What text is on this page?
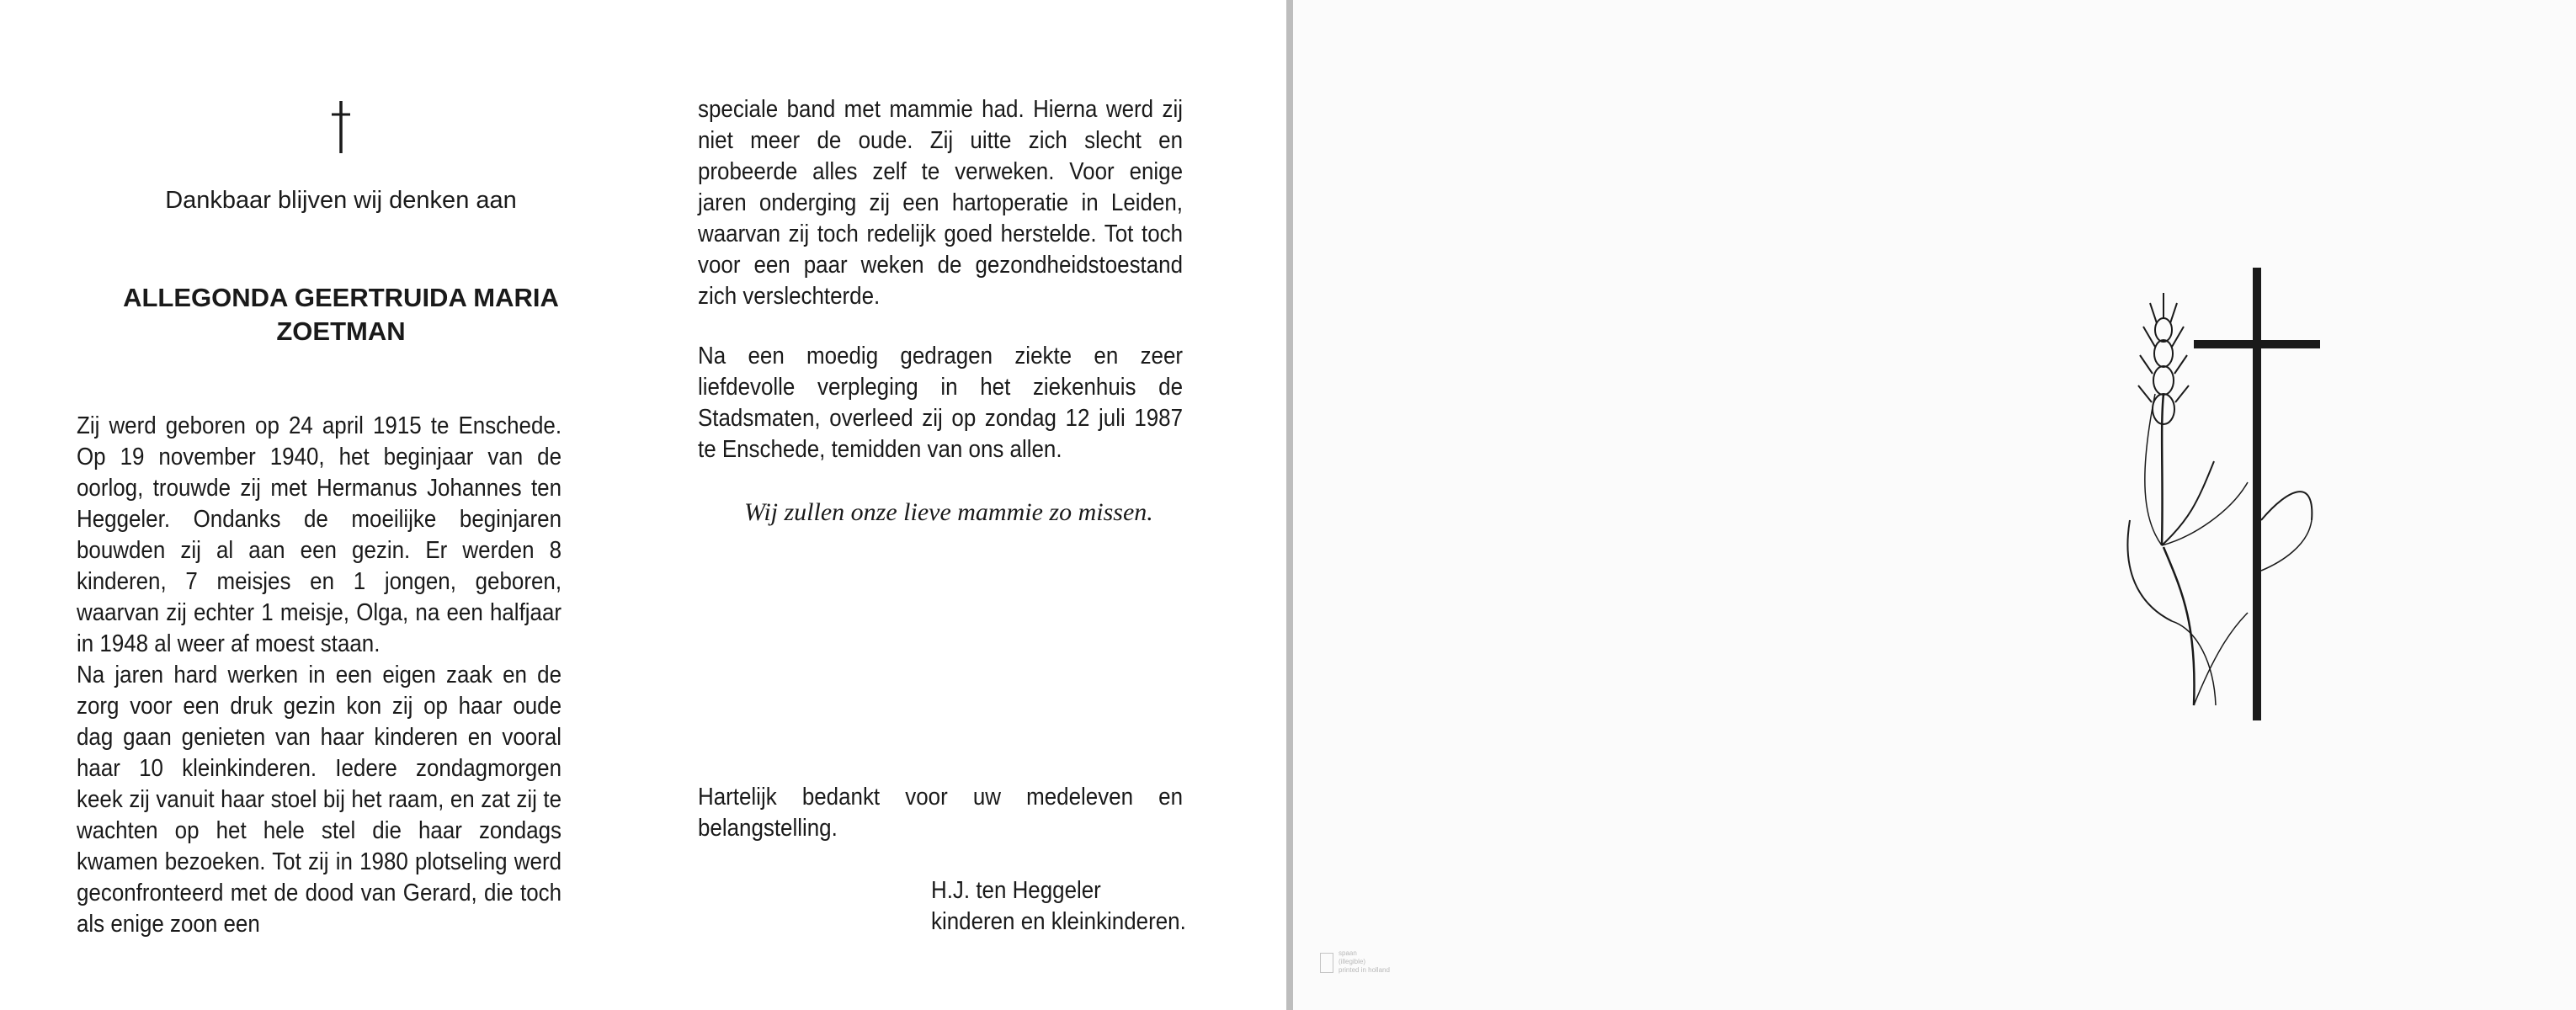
Dankbaar blijven wij denken aan
ALLEGONDA GEERTRUIDA MARIA
ZOETMAN
Zij werd geboren op 24 april 1915 te Enschede. Op 19 november 1940, het beginjaar van de oorlog, trouwde zij met Hermanus Johannes ten Heggeler. Ondanks de moeilijke beginjaren bouwden zij al aan een gezin. Er werden 8 kinderen, 7 meisjes en 1 jongen, geboren, waarvan zij echter 1 meisje, Olga, na een halfjaar in 1948 al weer af moest staan.
Na jaren hard werken in een eigen zaak en de zorg voor een druk gezin kon zij op haar oude dag gaan genieten van haar kinderen en vooral haar 10 kleinkinderen. Iedere zondagmorgen keek zij vanuit haar stoel bij het raam, en zat zij te wachten op het hele stel die haar zondags kwamen bezoeken. Tot zij in 1980 plotseling werd geconfronteerd met de dood van Gerard, die toch als enige zoon een
speciale band met mammie had. Hierna werd zij niet meer de oude. Zij uitte zich slecht en probeerde alles zelf te verweken. Voor enige jaren onderging zij een hartoperatie in Leiden, waarvan zij toch redelijk goed herstelde. Tot toch voor een paar weken de gezondheidstoestand zich verslechterde.
Na een moedig gedragen ziekte en zeer liefdevolle verpleging in het ziekenhuis de Stadsmaten, overleed zij op zondag 12 juli 1987 te Enschede, temidden van ons allen.
Wij zullen onze lieve mammie zo missen.
Hartelijk bedankt voor uw medeleven en belangstelling.
H.J. ten Heggeler
kinderen en kleinkinderen.
spaan
(illegible)
printed in holland
